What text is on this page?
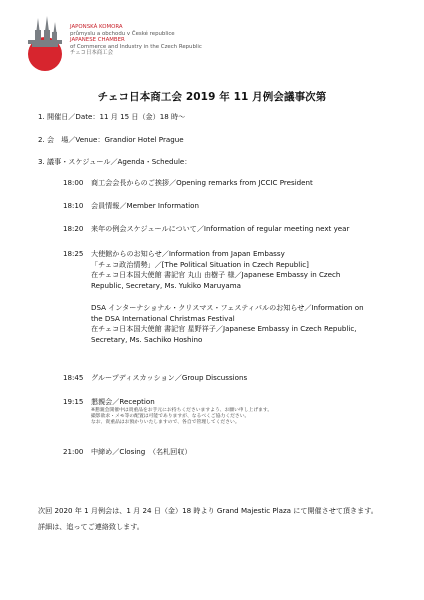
JAPONSKÁ KOMORA
průmyslu a obchodu v České republice
JAPANESE CHAMBER
of Commerce and Industry in the Czech Republic
チェコ日本商工会
チェコ日本商工会 2019 年 11 月例会議事次第
1. 開催日／Date：11 月 15 日（金）18 時～
2. 会　場／Venue：Grandior Hotel Prague
3. 議事・スケジュール／Agenda・Schedule：
18:00	商工会会長からのご挨拶／Opening remarks from JCCIC President
18:10	会員情報／Member Information
18:20	来年の例会スケジュールについて／Information of regular meeting next year
18:25	大使館からのお知らせ／Information from Japan Embassy
「チェコ政治情勢」／[The Political Situation in Czech Republic]
在チェコ日本国大使館 書記官 丸山 由樹子 様／Japanese Embassy in Czech
Republic, Secretary, Ms. Yukiko Maruyama
DSA インターナショナル・クリスマス・フェスティバルのお知らせ／Information on
the DSA International Christmas Festival
在チェコ日本国大使館 書記官 星野祥子／Japanese Embassy in Czech Republic,
Secretary, Ms. Sachiko Hoshino
18:45	グループディスカッション／Group Discussions
19:15	懇親会／Reception
※懇親会開催中は貴重品をお手元にお持ちくださいますよう、お願い申し上げます。
撮影欲求・メモ等の配置は可能でありますが、なるべくご協力ください。
なお、貴重品はお預かりいたしますので、各自で管理してください。
21:00	中締め／Closing　（名札回収）
次回 2020 年 1 月例会は、1 月 24 日（金）18 時より Grand Majestic Plaza にて開催させて頂きます。
詳細は、追ってご連絡致します。
